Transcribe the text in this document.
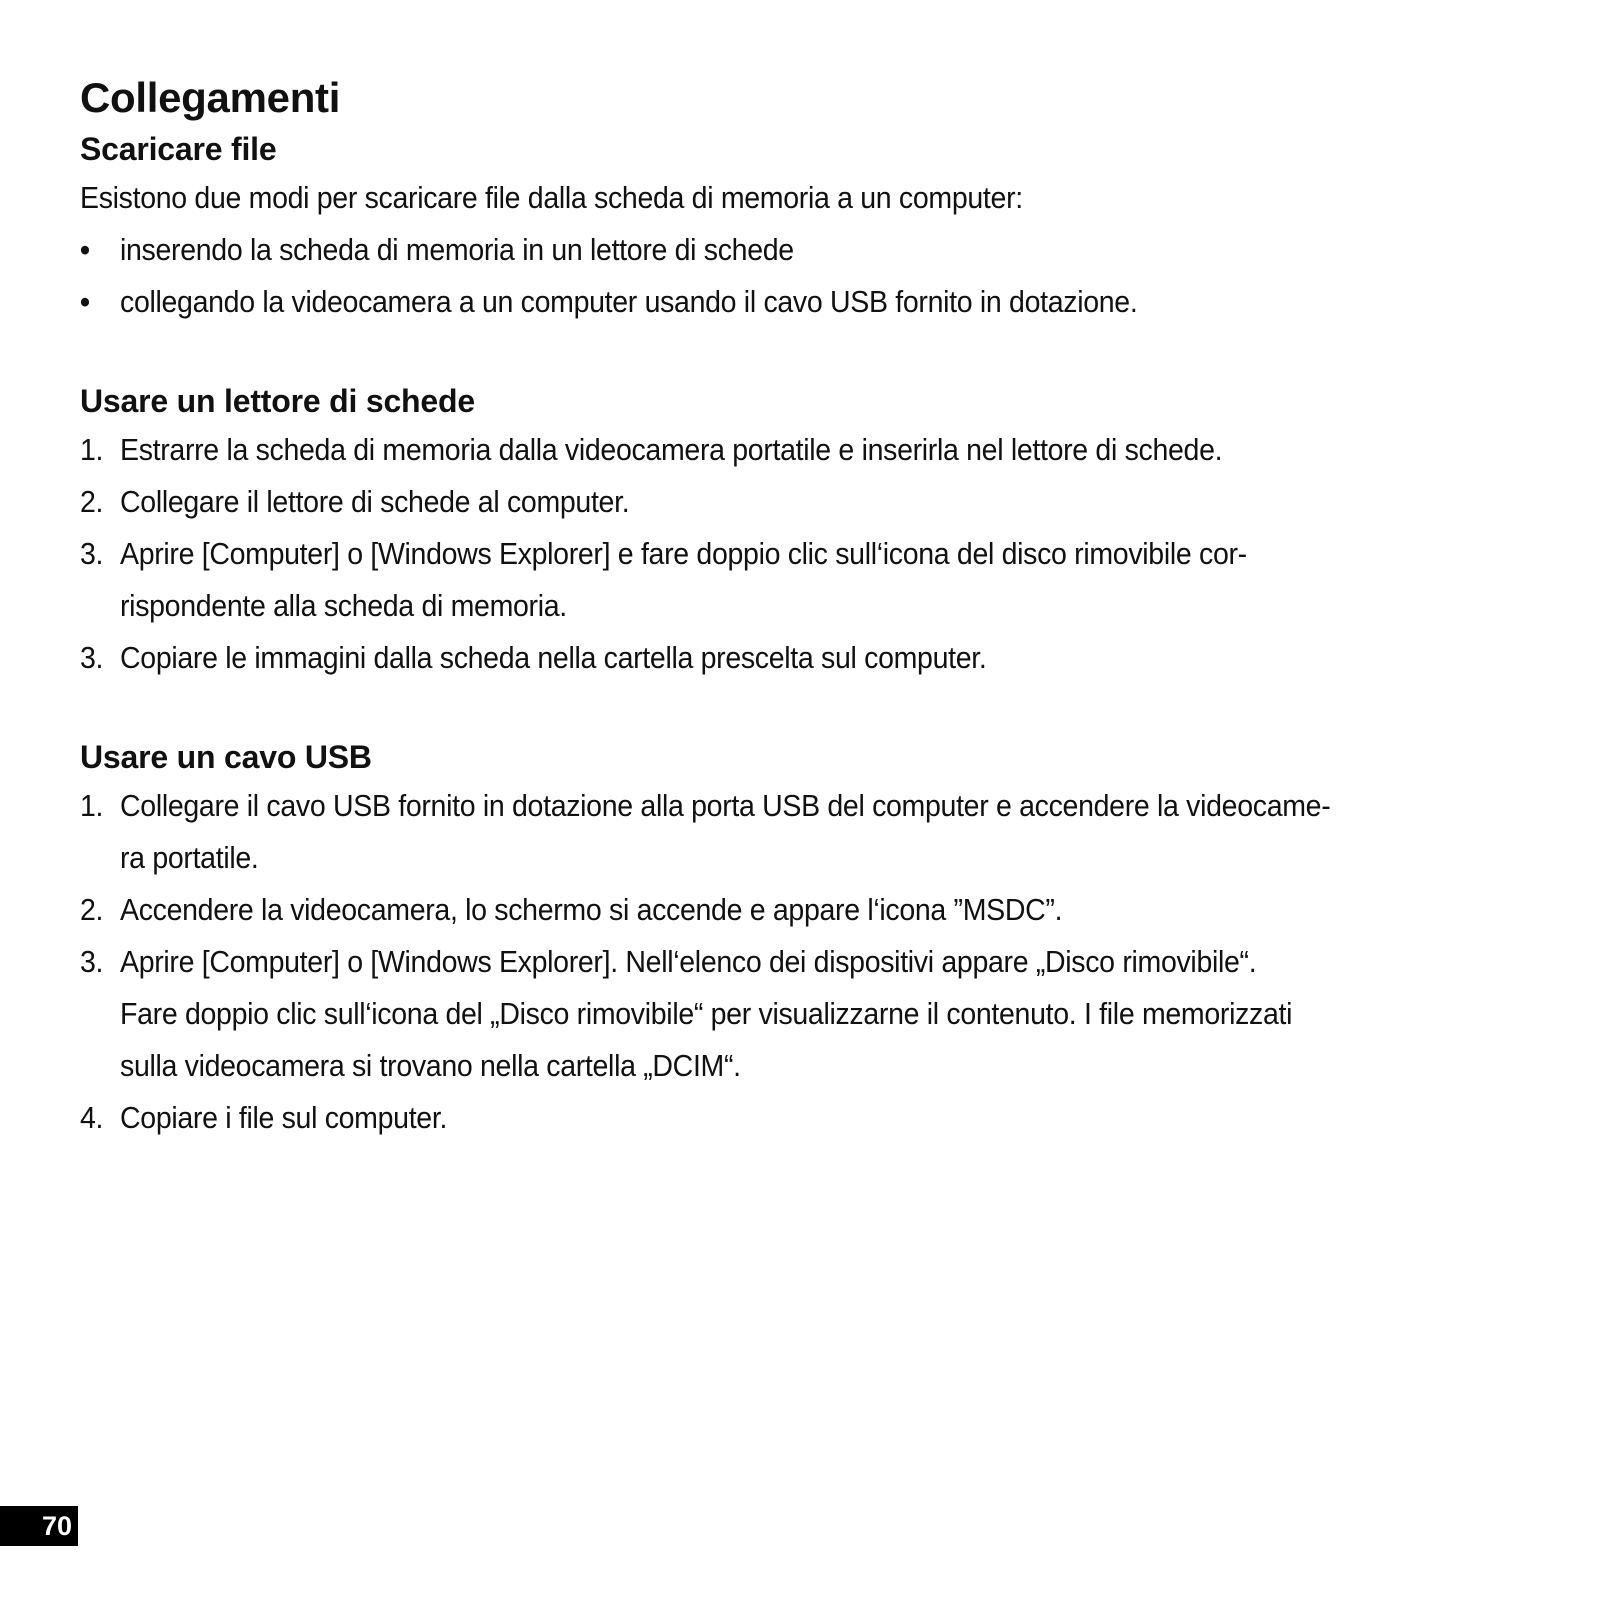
Collegamenti
Scaricare file

Esistono due modi per scaricare file dalla scheda di memoria a un computer:

• inserendo la scheda di memoria in un lettore di schede
• collegando la videocamera a un computer usando il cavo USB fornito in dotazione.
Usare un lettore di schede
1. Estrarre la scheda di memoria dalla videocamera portatile e inserirla nel lettore di schede.
2. Collegare il lettore di schede al computer.
3. Aprire [Computer] o [Windows Explorer] e fare doppio clic sull‘icona del disco rimovibile cor-
rispondente alla scheda di memoria.
3. Copiare le immagini dalla scheda nella cartella prescelta sul computer.
Usare un cavo USB
1. Collegare il cavo USB fornito in dotazione alla porta USB del computer e accendere la videocame-
ra portatile.
2. Accendere la videocamera, lo schermo si accende e appare l‘icona ”MSDC”.
3. Aprire [Computer] o [Windows Explorer]. Nell‘elenco dei dispositivi appare „Disco rimovibile“.
Fare doppio clic sull‘icona del „Disco rimovibile“ per visualizzarne il contenuto. I file memorizzati
sulla videocamera si trovano nella cartella „DCIM“.
4. Copiare i file sul computer.
70
